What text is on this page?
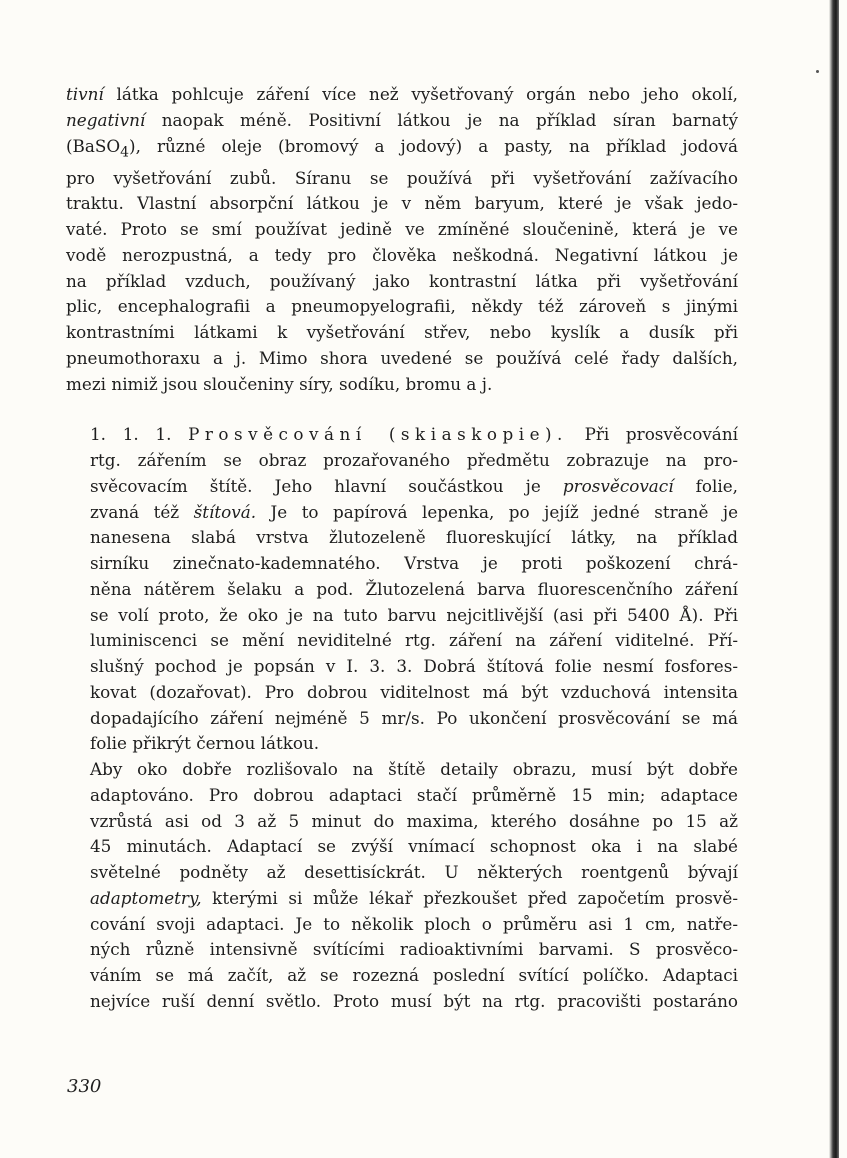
tivní látka pohlcuje záření více než vyšetřovaný orgán nebo jeho okolí,
negativní naopak méně. Positivní látkou je na příklad síran barnatý
(BaSO$_4$), různé oleje (bromový a jodový) a pasty, na příklad jodová
pro vyšetřování zubů. Síranu se používá při vyšetřování zažívacího
traktu. Vlastní absorpční látkou je v něm baryum, které je však jedo-
vaté. Proto se smí používat jedině ve zmíněné sloučenině, která je ve
vodě nerozpustná, a tedy pro člověka neškodná. Negativní látkou je
na příklad vzduch, používaný jako kontrastní látka při vyšetřování
plic, encephalografii a pneumopyelografii, někdy též zároveň s jinými
kontrastními látkami k vyšetřování střev, nebo kyslík a dusík při
pneumothoraxu a j. Mimo shora uvedené se používá celé řady dalších,
mezi nimiž jsou sloučeniny síry, sodíku, bromu a j.

1. 1. 1. Prosvěcování (skiaskopie). Při prosvěcování
rtg. zářením se obraz prozařovaného předmětu zobrazuje na pro-
svěcovacím štítě. Jeho hlavní součástkou je prosvěcovací folie,
zvaná též štítová. Je to papírová lepenka, po jejíž jedné straně je
nanesena slabá vrstva žlutozeleně fluoreskující látky, na příklad
sirníku zinečnato-kademnatého. Vrstva je proti poškození chrá-
něna nátěrem šelaku a pod. Žlutozelená barva fluorescenčního záření
se volí proto, že oko je na tuto barvu nejcitlivější (asi při 5400 Å). Při
luminiscenci se mění neviditelné rtg. záření na záření viditelné. Pří-
slušný pochod je popsán v I. 3. 3. Dobrá štítová folie nesmí fosfores-
kovat (dozařovat). Pro dobrou viditelnost má být vzduchová intensita
dopadajícího záření nejméně 5 mr/s. Po ukončení prosvěcování se má
folie přikrýt černou látkou.

Aby oko dobře rozlišovalo na štítě detaily obrazu, musí být dobře
adaptováno. Pro dobrou adaptaci stačí průměrně 15 min; adaptace
vzrůstá asi od 3 až 5 minut do maxima, kterého dosáhne po 15 až
45 minutách. Adaptací se zvýší vnímací schopnost oka i na slabé
světelné podněty až desettisíckrát. U některých roentgenů bývají
adaptometry, kterými si může lékař přezkoušet před započetím prosvě-
cování svoji adaptaci. Je to několik ploch o průměru asi 1 cm, natře-
ných různě intensivně svítícími radioaktivními barvami. S prosvěco-
váním se má začít, až se rozezná poslední svítící políčko. Adaptaci
nejvíce ruší denní světlo. Proto musí být na rtg. pracovišti postaráno

330
